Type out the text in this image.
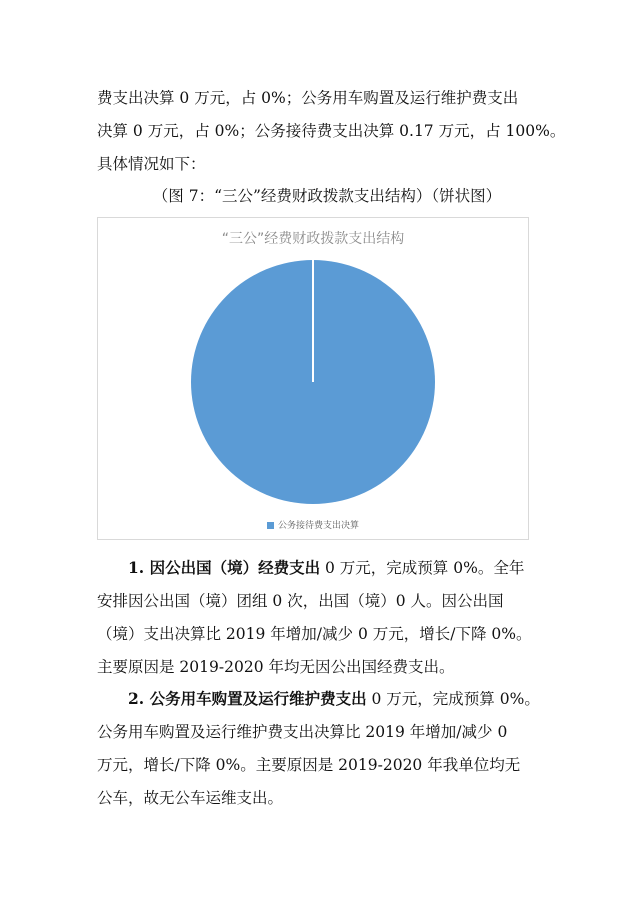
费支出决算 0 万元，占 0%；公务用车购置及运行维护费支出
决算 0 万元，占 0%；公务接待费支出决算 0.17 万元，占 100%。
具体情况如下：
（图 7：“三公”经费财政拨款支出结构）（饼状图）
“三公”经费财政拨款支出结构
公务接待费支出决算
1. 因公出国（境）经费支出 0 万元，完成预算 0%。全年
安排因公出国（境）团组 0 次，出国（境）0 人。因公出国
（境）支出决算比 2019 年增加/减少 0 万元，增长/下降 0%。
主要原因是 2019-2020 年均无因公出国经费支出。
2. 公务用车购置及运行维护费支出 0 万元，完成预算 0%。
公务用车购置及运行维护费支出决算比 2019 年增加/减少 0
万元，增长/下降 0%。主要原因是 2019-2020 年我单位均无
公车，故无公车运维支出。
